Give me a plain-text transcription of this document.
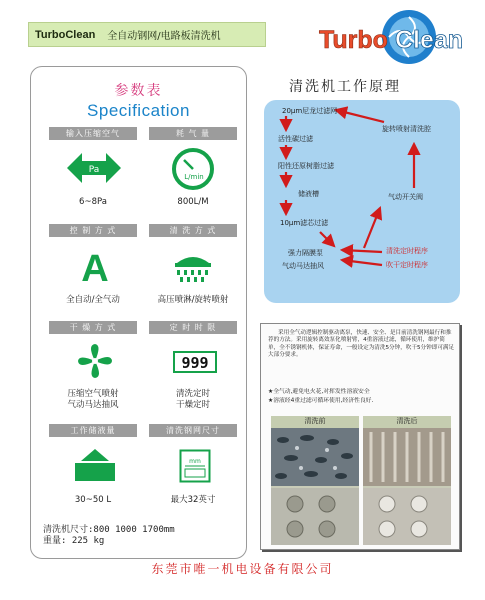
TurboClean 全自动钢网/电路板清洗机	Turbo Clean
参数表
Specification
输入压缩空气	耗 气 量
Pa
L/min
6~8Pa	800L/M
控 制 方 式	清 洗 方 式
A
全自动/全气动	高压喷淋/旋转喷射
干 燥 方 式	定 时 时 限
999
压缩空气喷射
气动马达抽风
清洗定时
干燥定时
工作储液量	清洗钢网尺寸
mm
30~50 L	最大32英寸
清洗机尺寸:800 1000 1700mm
重量: 225 kg
清洗机工作原理
20μm尼龙过滤网
活性碳过滤
阳性还原树脂过滤
储液槽
10μm滤芯过滤
强力隔膜泵
气动马达抽风
旋转喷射清洗腔
气动开关阀
清洗定时程序
吹干定时程序
采用全气动逻辑控制驱动离泵，快速、安全、是目前清洗钢网最行和推荐的方法。采用旋转离效泵化喷射臂，4重溶液过滤，循环使用，维护简单，全不锈钢机体，保证寿命，一般设定为清洗5分钟，吹干5分钟即可满足大部分要求。
★全气动,避免电火花,对挥发性溶液安全
★溶液经4重过滤可循环使用,经济性良好.
清洗前	清洗后
东莞市唯一机电设备有限公司
